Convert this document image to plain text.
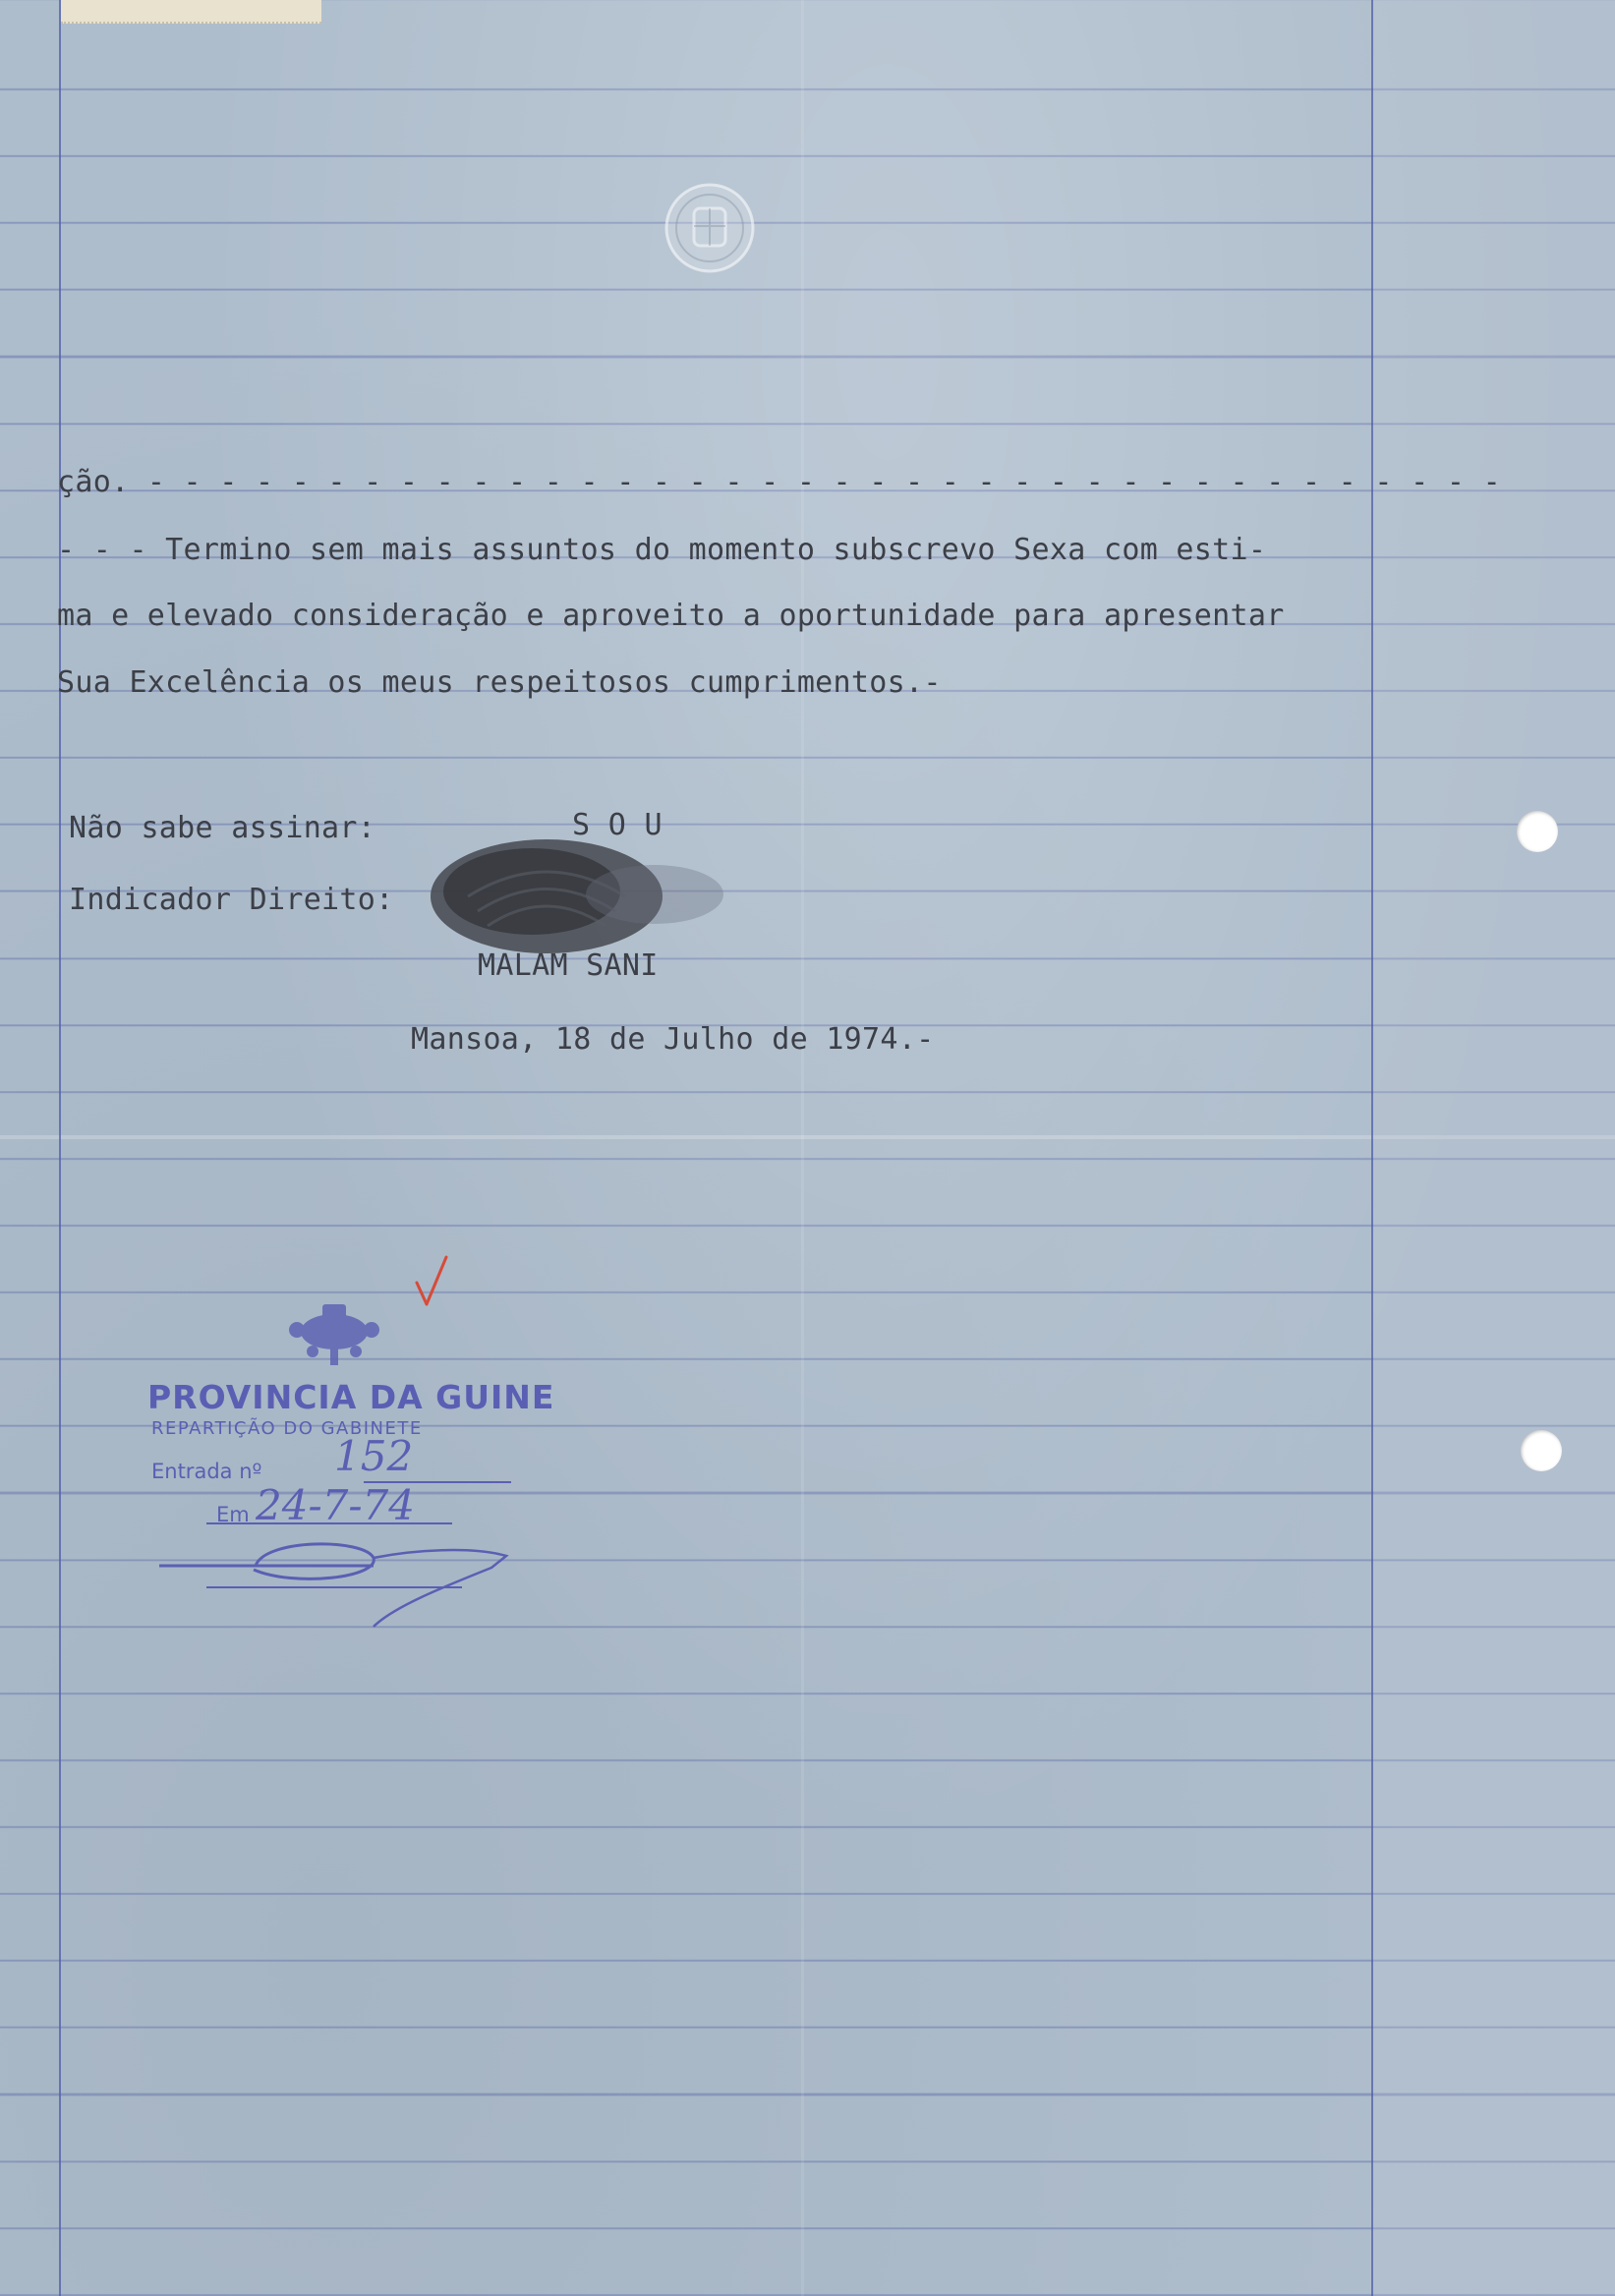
ção. - - - - - - - - - - - - - - - - - - - - - - - - - - - - - - - - - - - - - -
- - - Termino sem mais assuntos do momento subscrevo Sexa com esti-
ma e elevado consideração e aproveito a oportunidade para apresentar
Sua Excelência os meus respeitosos cumprimentos.-
Não sabe assinar:	S O U
Indicador Direito:
MALAM SANI
Mansoa, 18 de Julho de 1974.-
PROVINCIA DA GUINE
REPARTIÇÃO DO GABINETE
Entrada nº 152
Em 24-7-74
